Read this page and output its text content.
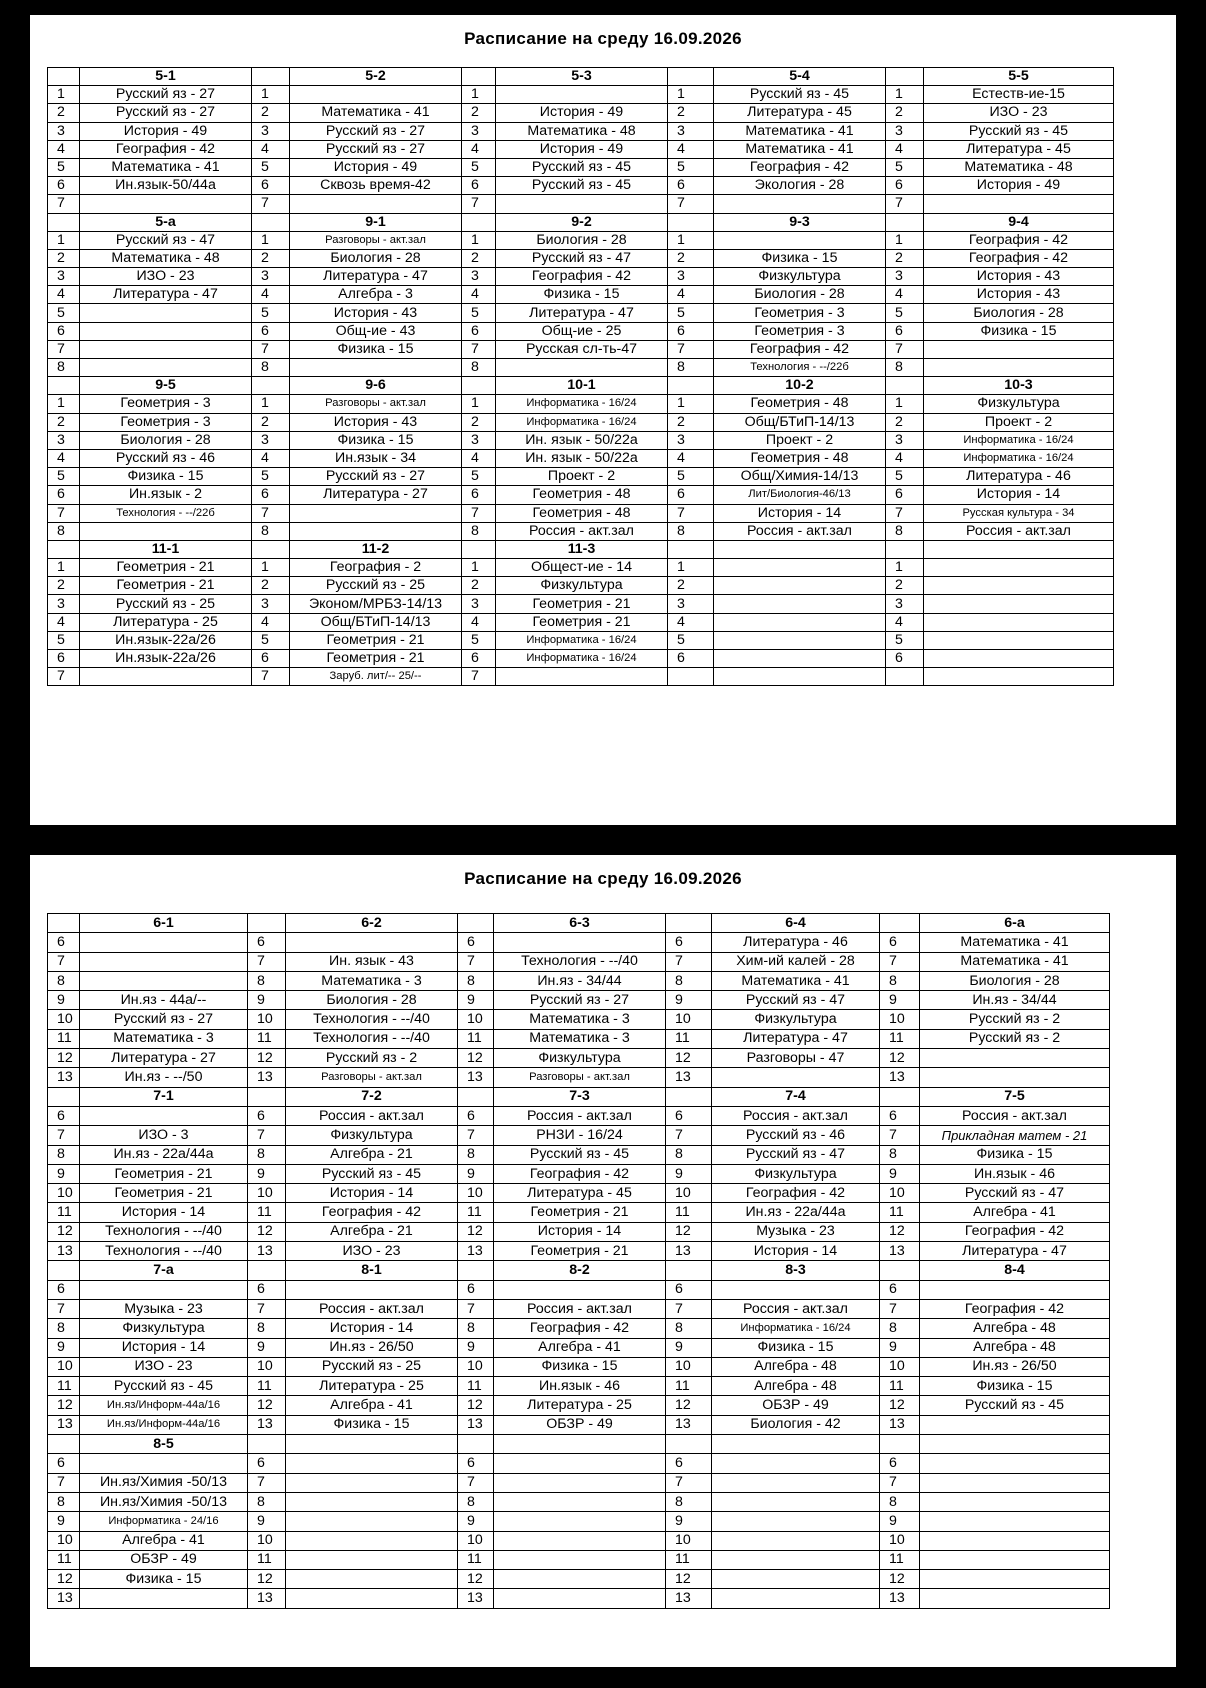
Расписание на среду 16.09.2026
	5-1		5-2		5-3		5-4		5-5
1	Русский яз - 27	1		1		1	Русский яз - 45	1	Естеств-ие-15
2	Русский яз - 27	2	Математика - 41	2	История - 49	2	Литература - 45	2	ИЗО - 23
3	История - 49	3	Русский яз - 27	3	Математика - 48	3	Математика - 41	3	Русский яз - 45
4	География - 42	4	Русский яз - 27	4	История - 49	4	Математика - 41	4	Литература - 45
5	Математика - 41	5	История - 49	5	Русский яз - 45	5	География - 42	5	Математика - 48
6	Ин.язык-50/44а	6	Сквозь время-42	6	Русский яз - 45	6	Экология - 28	6	История - 49
7		7		7		7		7	
	5-а		9-1		9-2		9-3		9-4
1	Русский яз - 47	1	Разговоры - акт.зал	1	Биология - 28	1		1	География - 42
2	Математика - 48	2	Биология - 28	2	Русский яз - 47	2	Физика - 15	2	География - 42
3	ИЗО - 23	3	Литература - 47	3	География - 42	3	Физкультура	3	История - 43
4	Литература - 47	4	Алгебра - 3	4	Физика - 15	4	Биология - 28	4	История - 43
5		5	История - 43	5	Литература - 47	5	Геометрия - 3	5	Биология - 28
6		6	Общ-ие - 43	6	Общ-ие - 25	6	Геометрия - 3	6	Физика - 15
7		7	Физика - 15	7	Русская сл-ть-47	7	География - 42	7	
8		8		8		8	Технология - --/22б	8	
	9-5		9-6		10-1		10-2		10-3
1	Геометрия - 3	1	Разговоры - акт.зал	1	Информатика - 16/24	1	Геометрия - 48	1	Физкультура
2	Геометрия - 3	2	История - 43	2	Информатика - 16/24	2	Общ/БТиП-14/13	2	Проект - 2
3	Биология - 28	3	Физика - 15	3	Ин. язык - 50/22а	3	Проект - 2	3	Информатика - 16/24
4	Русский яз - 46	4	Ин.язык - 34	4	Ин. язык - 50/22а	4	Геометрия - 48	4	Информатика - 16/24
5	Физика - 15	5	Русский яз - 27	5	Проект - 2	5	Общ/Химия-14/13	5	Литература - 46
6	Ин.язык - 2	6	Литература - 27	6	Геометрия - 48	6	Лит/Биология-46/13	6	История - 14
7	Технология - --/22б	7		7	Геометрия - 48	7	История - 14	7	Русская культура - 34
8		8		8	Россия - акт.зал	8	Россия - акт.зал	8	Россия - акт.зал
	11-1		11-2		11-3				
1	Геометрия - 21	1	География - 2	1	Общест-ие - 14	1		1	
2	Геометрия - 21	2	Русский яз - 25	2	Физкультура	2		2	
3	Русский яз - 25	3	Эконом/МРБЗ-14/13	3	Геометрия - 21	3		3	
4	Литература - 25	4	Общ/БТиП-14/13	4	Геометрия - 21	4		4	
5	Ин.язык-22а/26	5	Геометрия - 21	5	Информатика - 16/24	5		5	
6	Ин.язык-22а/26	6	Геометрия - 21	6	Информатика - 16/24	6		6	
7		7	Заруб. лит/-- 25/--	7					
Расписание на среду 16.09.2026
	6-1		6-2		6-3		6-4		6-а
6		6		6		6	Литература - 46	6	Математика - 41
7		7	Ин. язык - 43	7	Технология - --/40	7	Хим-ий калей - 28	7	Математика - 41
8		8	Математика - 3	8	Ин.яз - 34/44	8	Математика - 41	8	Биология - 28
9	Ин.яз - 44а/--	9	Биология - 28	9	Русский яз - 27	9	Русский яз - 47	9	Ин.яз - 34/44
10	Русский яз - 27	10	Технология - --/40	10	Математика - 3	10	Физкультура	10	Русский яз - 2
11	Математика - 3	11	Технология - --/40	11	Математика - 3	11	Литература - 47	11	Русский яз - 2
12	Литература - 27	12	Русский яз - 2	12	Физкультура	12	Разговоры - 47	12	
13	Ин.яз - --/50	13	Разговоры - акт.зал	13	Разговоры - акт.зал	13		13	
	7-1		7-2		7-3		7-4		7-5
6		6	Россия - акт.зал	6	Россия - акт.зал	6	Россия - акт.зал	6	Россия - акт.зал
7	ИЗО - 3	7	Физкультура	7	РНЗИ - 16/24	7	Русский яз - 46	7	Прикладная матем - 21
8	Ин.яз - 22а/44а	8	Алгебра - 21	8	Русский яз - 45	8	Русский яз - 47	8	Физика - 15
9	Геометрия - 21	9	Русский яз - 45	9	География - 42	9	Физкультура	9	Ин.язык - 46
10	Геометрия - 21	10	История - 14	10	Литература - 45	10	География - 42	10	Русский яз - 47
11	История - 14	11	География - 42	11	Геометрия - 21	11	Ин.яз - 22а/44а	11	Алгебра - 41
12	Технология - --/40	12	Алгебра - 21	12	История - 14	12	Музыка - 23	12	География - 42
13	Технология - --/40	13	ИЗО - 23	13	Геометрия - 21	13	История - 14	13	Литература - 47
	7-а		8-1		8-2		8-3		8-4
6		6		6		6		6	
7	Музыка - 23	7	Россия - акт.зал	7	Россия - акт.зал	7	Россия - акт.зал	7	География - 42
8	Физкультура	8	История - 14	8	География - 42	8	Информатика - 16/24	8	Алгебра - 48
9	История - 14	9	Ин.яз - 26/50	9	Алгебра - 41	9	Физика - 15	9	Алгебра - 48
10	ИЗО - 23	10	Русский яз - 25	10	Физика - 15	10	Алгебра - 48	10	Ин.яз - 26/50
11	Русский яз - 45	11	Литература - 25	11	Ин.язык - 46	11	Алгебра - 48	11	Физика - 15
12	Ин.яз/Информ-44а/16	12	Алгебра - 41	12	Литература - 25	12	ОБЗР - 49	12	Русский яз - 45
13	Ин.яз/Информ-44а/16	13	Физика - 15	13	ОБЗР - 49	13	Биология - 42	13	
	8-5								
6		6		6		6		6	
7	Ин.яз/Химия -50/13	7		7		7		7	
8	Ин.яз/Химия -50/13	8		8		8		8	
9	Информатика - 24/16	9		9		9		9	
10	Алгебра - 41	10		10		10		10	
11	ОБЗР - 49	11		11		11		11	
12	Физика - 15	12		12		12		12	
13		13		13		13		13	
